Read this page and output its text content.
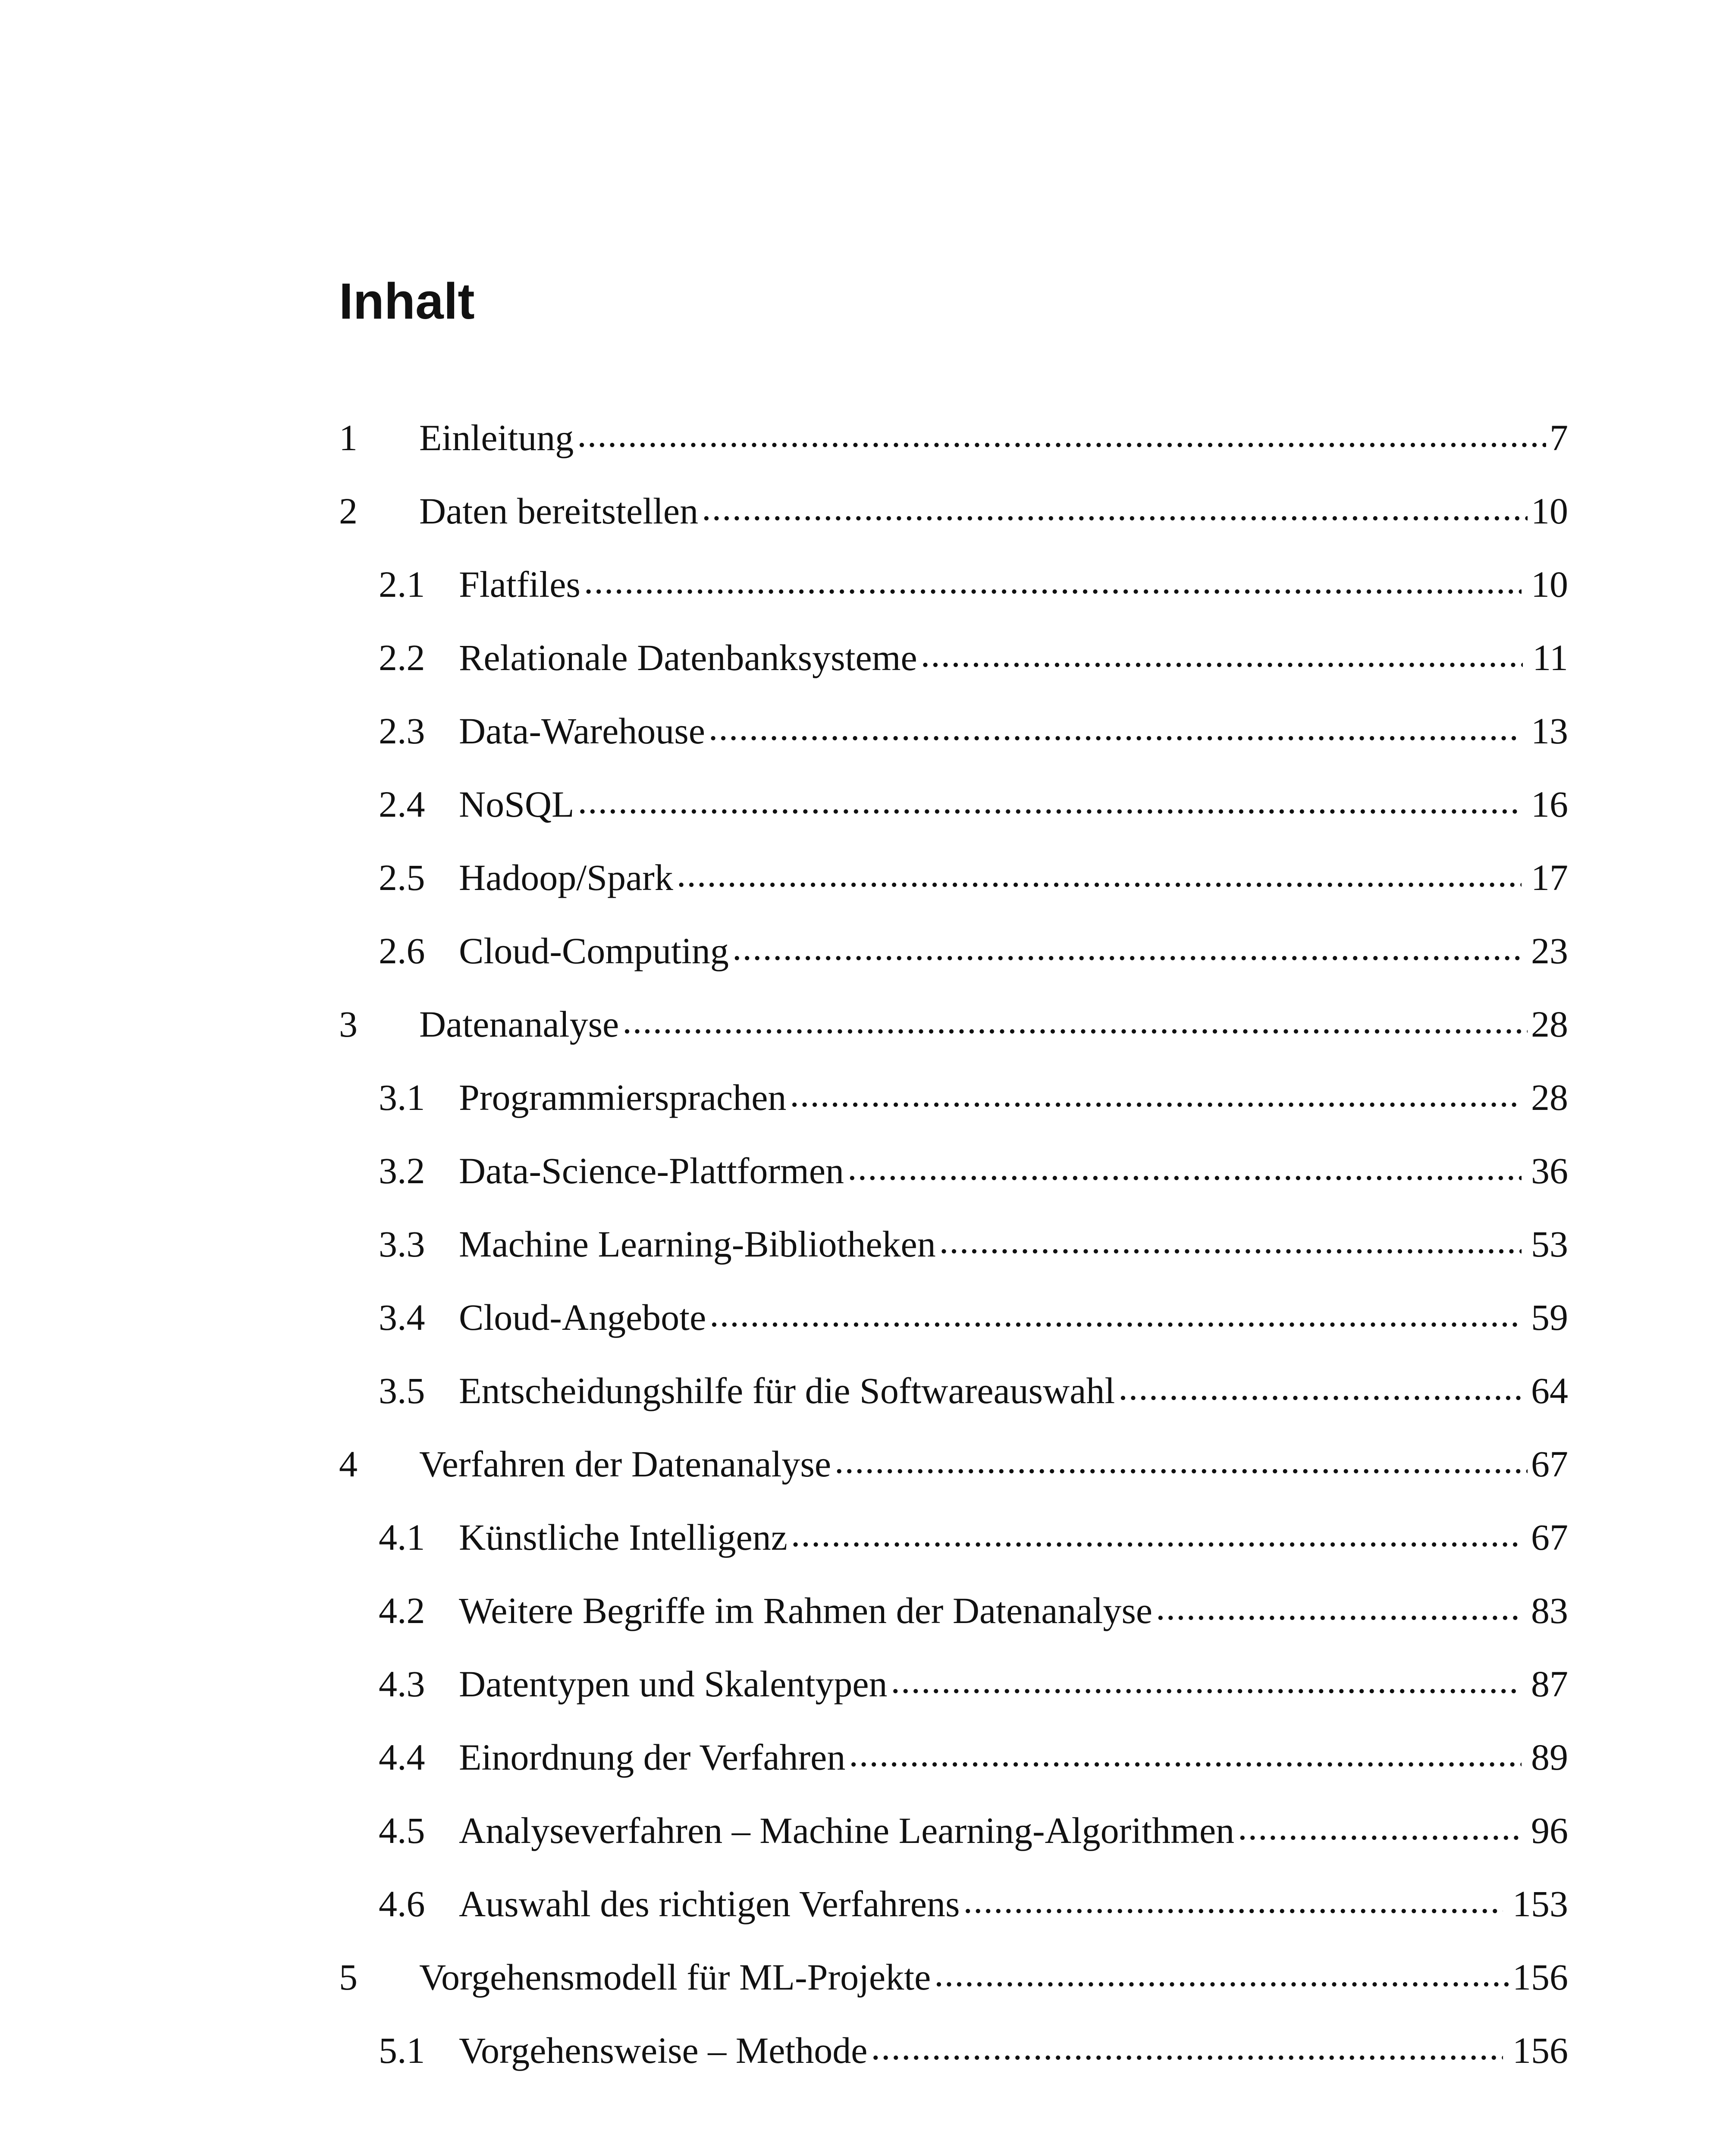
Inhalt
1	Einleitung .....	7
2	Daten bereitstellen .....	10
2.1 Flatfiles .....	10
2.2 Relationale Datenbanksysteme .....	11
2.3 Data-Warehouse .....	13
2.4 NoSQL .....	16
2.5 Hadoop/Spark .....	17
2.6 Cloud-Computing .....	23
3	Datenanalyse .....	28
3.1 Programmiersprachen .....	28
3.2 Data-Science-Plattformen .....	36
3.3 Machine Learning-Bibliotheken .....	53
3.4 Cloud-Angebote .....	59
3.5 Entscheidungshilfe für die Softwareauswahl .....	64
4	Verfahren der Datenanalyse .....	67
4.1 Künstliche Intelligenz .....	67
4.2 Weitere Begriffe im Rahmen der Datenanalyse .....	83
4.3 Datentypen und Skalentypen .....	87
4.4 Einordnung der Verfahren .....	89
4.5 Analyseverfahren – Machine Learning-Algorithmen .....	96
4.6 Auswahl des richtigen Verfahrens .....	153
5	Vorgehensmodell für ML-Projekte .....	156
5.1 Vorgehensweise – Methode .....	156
